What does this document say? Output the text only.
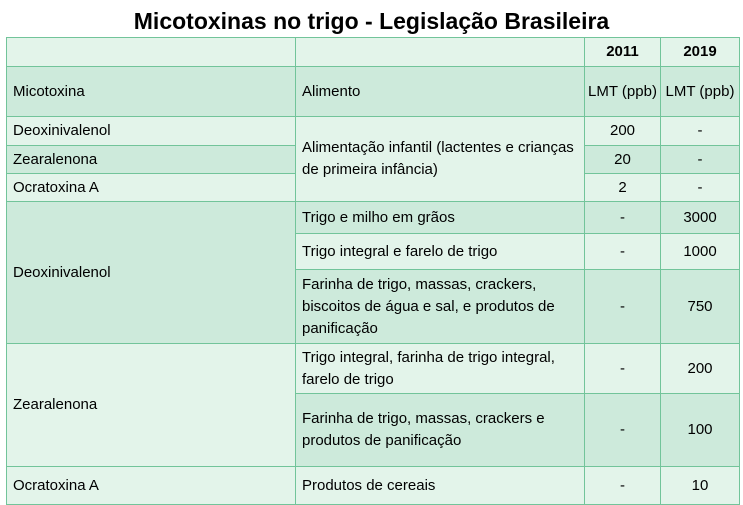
Micotoxinas no trigo - Legislação Brasileira
		2011	2019
Micotoxina	Alimento	LMT (ppb)	LMT (ppb)
Deoxinivalenol	Alimentação infantil (lactentes e crianças de primeira infância)	200	-
Zearalenona		20	-
Ocratoxina A		2	-
Deoxinivalenol	Trigo e milho em grãos	-	3000
	Trigo integral e farelo de trigo	-	1000
	Farinha de trigo, massas, crackers, biscoitos de água e sal, e produtos de panificação	-	750
Zearalenona	Trigo integral, farinha de trigo integral, farelo de trigo	-	200
	Farinha de trigo, massas, crackers e produtos de panificação	-	100
Ocratoxina A	Produtos de cereais	-	10
